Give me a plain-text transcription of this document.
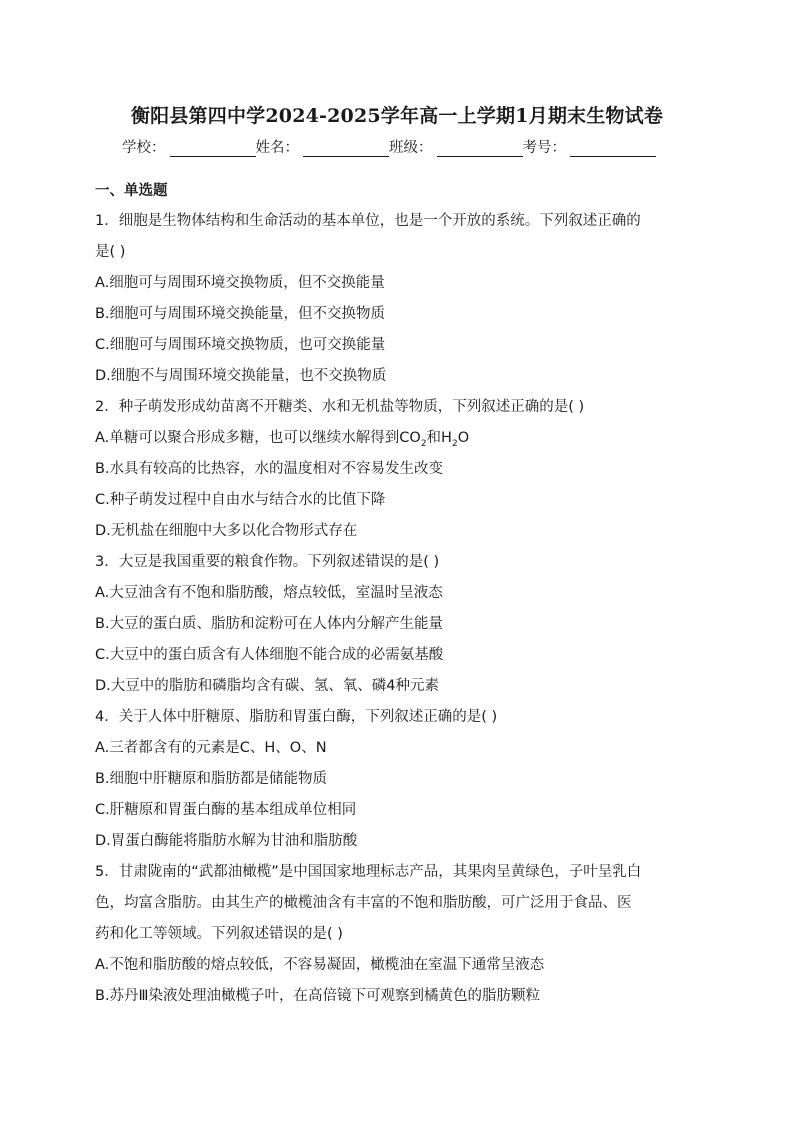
衡阳县第四中学2024-2025学年高一上学期1月期末生物试卷
学校：	姓名：	班级：	考号：
一、单选题
1．细胞是生物体结构和生命活动的基本单位，也是一个开放的系统。下列叙述正确的
是( )
A.细胞可与周围环境交换物质，但不交换能量
B.细胞可与周围环境交换能量，但不交换物质
C.细胞可与周围环境交换物质，也可交换能量
D.细胞不与周围环境交换能量，也不交换物质
2．种子萌发形成幼苗离不开糖类、水和无机盐等物质，下列叙述正确的是( )
A.单糖可以聚合形成多糖，也可以继续水解得到$CO_2$和$H_2O$
B.水具有较高的比热容，水的温度相对不容易发生改变
C.种子萌发过程中自由水与结合水的比值下降
D.无机盐在细胞中大多以化合物形式存在
3．大豆是我国重要的粮食作物。下列叙述错误的是( )
A.大豆油含有不饱和脂肪酸，熔点较低，室温时呈液态
B.大豆的蛋白质、脂肪和淀粉可在人体内分解产生能量
C.大豆中的蛋白质含有人体细胞不能合成的必需氨基酸
D.大豆中的脂肪和磷脂均含有碳、氢、氧、磷4种元素
4．关于人体中肝糖原、脂肪和胃蛋白酶，下列叙述正确的是( )
A.三者都含有的元素是C、H、O、N
B.细胞中肝糖原和脂肪都是储能物质
C.肝糖原和胃蛋白酶的基本组成单位相同
D.胃蛋白酶能将脂肪水解为甘油和脂肪酸
5．甘肃陇南的“武都油橄榄”是中国国家地理标志产品，其果肉呈黄绿色，子叶呈乳白
色，均富含脂肪。由其生产的橄榄油含有丰富的不饱和脂肪酸，可广泛用于食品、医
药和化工等领域。下列叙述错误的是( )
A.不饱和脂肪酸的熔点较低，不容易凝固，橄榄油在室温下通常呈液态
B.苏丹Ⅲ染液处理油橄榄子叶，在高倍镜下可观察到橘黄色的脂肪颗粒
